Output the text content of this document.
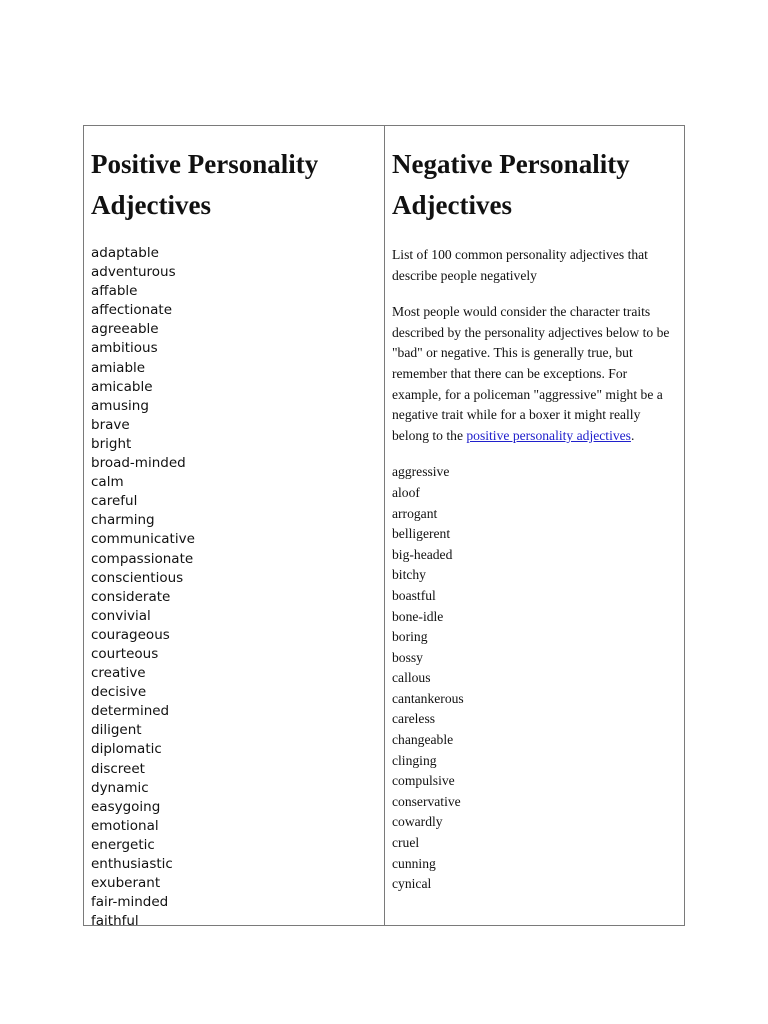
Positive Personality Adjectives
adaptable
adventurous
affable
affectionate
agreeable
ambitious
amiable
amicable
amusing
brave
bright
broad-minded
calm
careful
charming
communicative
compassionate
conscientious
considerate
convivial
courageous
courteous
creative
decisive
determined
diligent
diplomatic
discreet
dynamic
easygoing
emotional
energetic
enthusiastic
exuberant
fair-minded
faithful
Negative Personality Adjectives

List of 100 common personality adjectives that describe people negatively

Most people would consider the character traits described by the personality adjectives below to be "bad" or negative. This is generally true, but remember that there can be exceptions. For example, for a policeman "aggressive" might be a negative trait while for a boxer it might really belong to the positive personality adjectives.

aggressive
aloof
arrogant
belligerent
big-headed
bitchy
boastful
bone-idle
boring
bossy
callous
cantankerous
careless
changeable
clinging
compulsive
conservative
cowardly
cruel
cunning
cynical
